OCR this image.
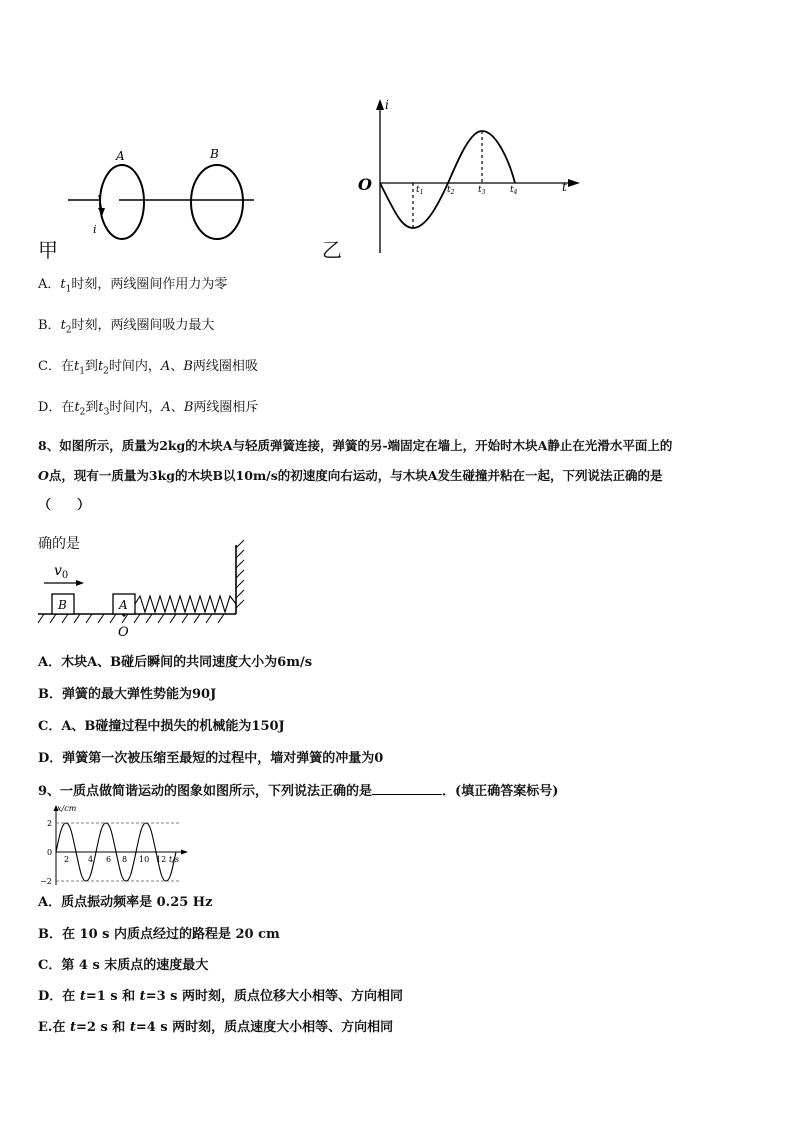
A	B
i
甲
i
t
O	$t_1$	$t_2$	$t_3$	$t_4$
乙
A．$t_1$时刻，两线圈间作用力为零
B．$t_2$时刻，两线圈间吸力最大
C．在$t_1$到$t_2$时间内，A、B两线圈相吸
D．在$t_2$到$t_3$时间内，A、B两线圈相斥
8、如图所示，质量为2kg的木块A与轻质弹簧连接，弹簧的另-端固定在墙上，开始时木块A静止在光滑水平面上的
O点，现有一质量为3kg的木块B以10m/s的初速度向右运动，与木块A发生碰撞并粘在一起，下列说法正确的是
（　　）
确的是
B	A
O
$v_0$
A．木块A、B碰后瞬间的共同速度大小为6m/s
B．弹簧的最大弹性势能为90J
C．A、B碰撞过程中损失的机械能为150J
D．弹簧第一次被压缩至最短的过程中，墙对弹簧的冲量为0
9、一质点做简谐运动的图象如图所示，下列说法正确的是	．(填正确答案标号)
x/cm
t/s
2
0
−2
2 4 6 8 10 12
A．质点振动频率是 0.25 Hz
B．在 10 s 内质点经过的路程是 20 cm
C．第 4 s 末质点的速度最大
D．在 t=1 s 和 t=3 s 两时刻，质点位移大小相等、方向相同
E.在 t=2 s 和 t=4 s 两时刻，质点速度大小相等、方向相同
